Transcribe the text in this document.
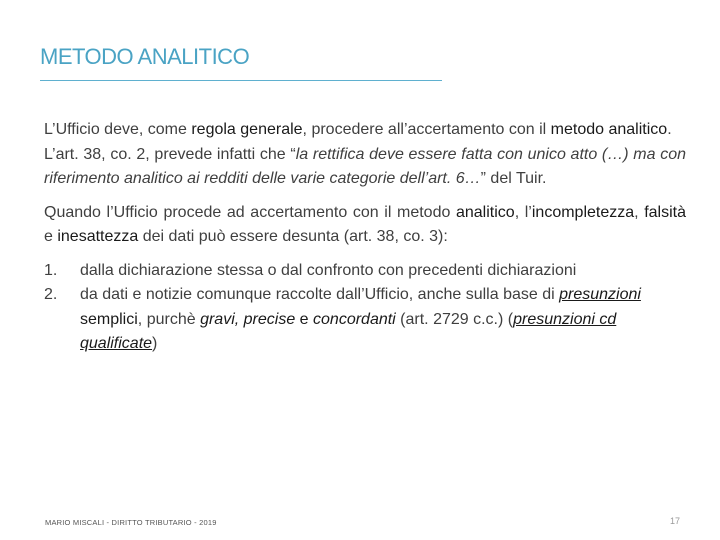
METODO ANALITICO

L’Ufficio deve, come regola generale, procedere all’accertamento con il metodo analitico.

L’art. 38, co. 2, prevede infatti che “la rettifica deve essere fatta con unico atto (…) ma con riferimento analitico ai redditi delle varie categorie dell’art. 6…” del Tuir.

Quando l’Ufficio procede ad accertamento con il metodo analitico, l’incompletezza, falsità e inesattezza dei dati può essere desunta (art. 38, co. 3):

1. dalla dichiarazione stessa o dal confronto con precedenti dichiarazioni
2. da dati e notizie comunque raccolte dall’Ufficio, anche sulla base di presunzioni semplici, purchè gravi, precise e concordanti (art. 2729 c.c.) (presunzioni cd qualificate)
MARIO MISCALI - DIRITTO TRIBUTARIO - 2019	17
